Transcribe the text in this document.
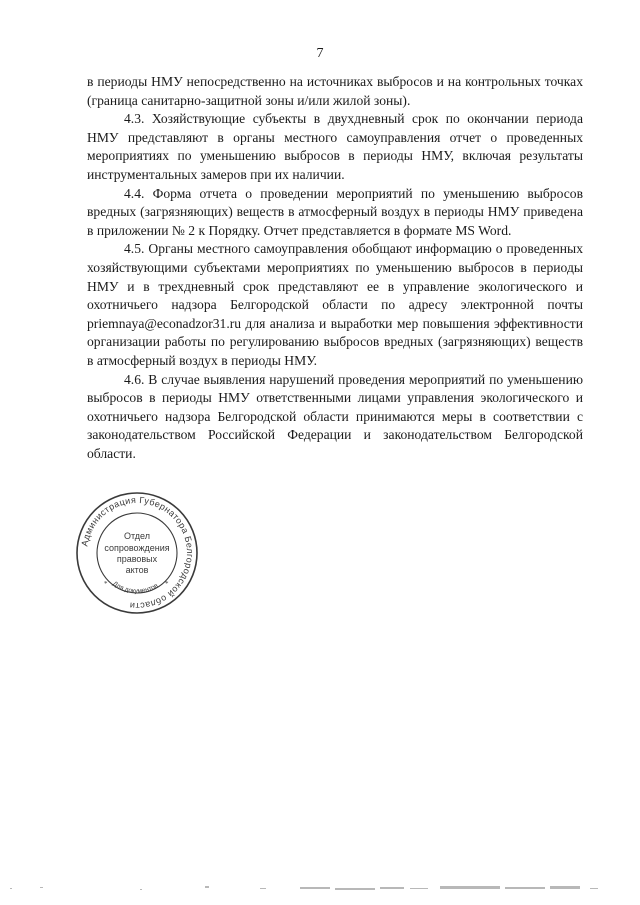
7

в периоды НМУ непосредственно на источниках выбросов и на контрольных точках (граница санитарно-защитной зоны и/или жилой зоны).

4.3. Хозяйствующие субъекты в двухдневный срок по окончании периода НМУ представляют в органы местного самоуправления отчет о проведенных мероприятиях по уменьшению выбросов в периоды НМУ, включая результаты инструментальных замеров при их наличии.

4.4. Форма отчета о проведении мероприятий по уменьшению выбросов вредных (загрязняющих) веществ в атмосферный воздух в периоды НМУ приведена в приложении № 2 к Порядку. Отчет представляется в формате MS Word.

4.5. Органы местного самоуправления обобщают информацию о проведенных хозяйствующими субъектами мероприятиях по уменьшению выбросов в периоды НМУ и в трехдневный срок представляют ее в управление экологического и охотничьего надзора Белгородской области по адресу электронной почты priemnaya@econadzor31.ru для анализа и выработки мер повышения эффективности организации работы по регулированию выбросов вредных (загрязняющих) веществ в атмосферный воздух в периоды НМУ.

4.6. В случае выявления нарушений проведения мероприятий по уменьшению выбросов в периоды НМУ ответственными лицами управления экологического и охотничьего надзора Белгородской области принимаются меры в соответствии с законодательством Российской Федерации и законодательством Белгородской области.

Администрация Губернатора Белгородской области
Для документов
Отдел
сопровождения
правовых
актов
*	*
